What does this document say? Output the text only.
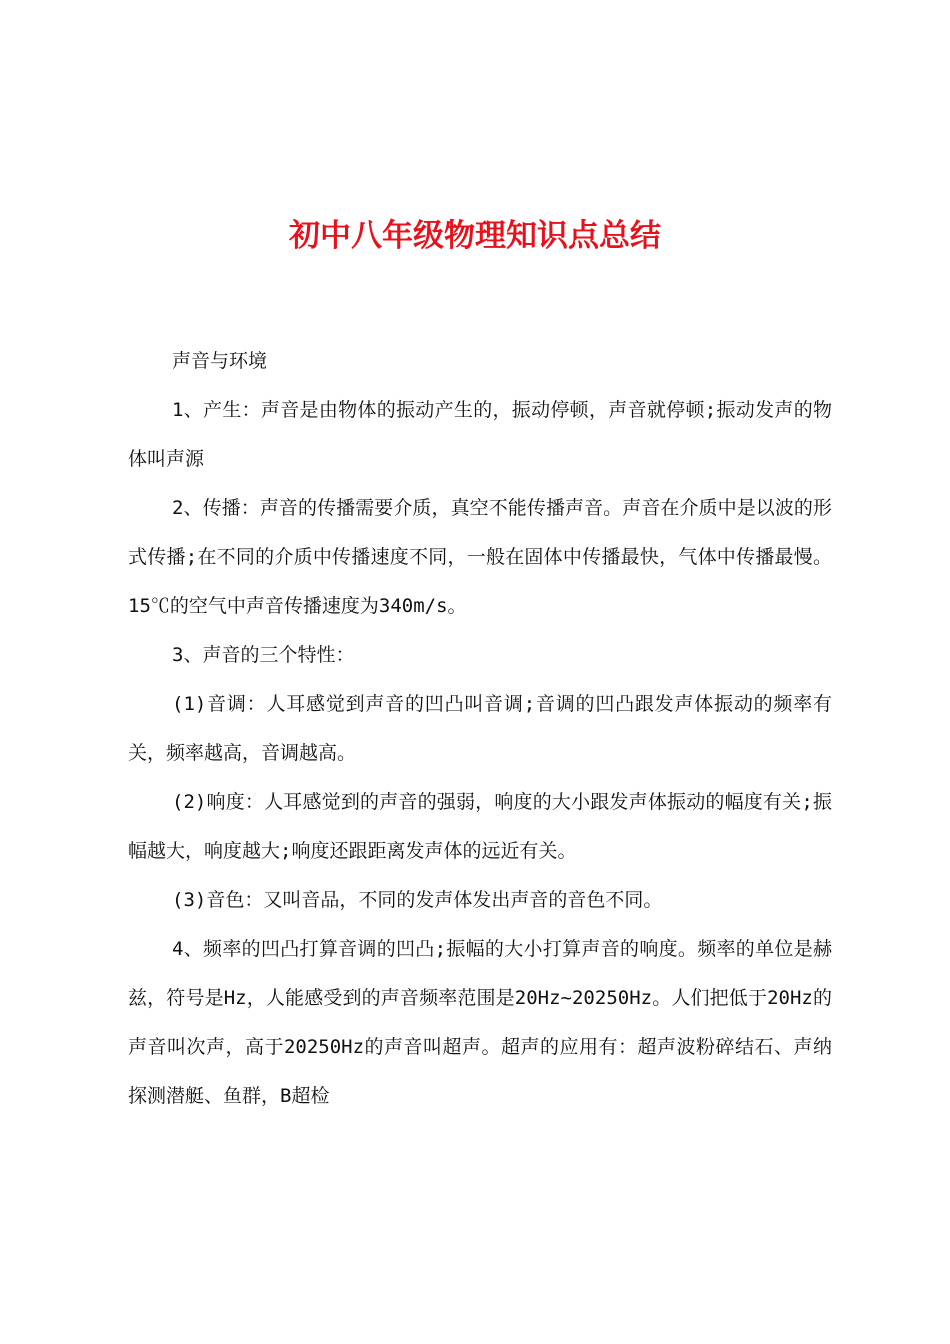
初中八年级物理知识点总结

声音与环境

1、产生：声音是由物体的振动产生的，振动停顿，声音就停顿;振动发声的物体叫声源

2、传播：声音的传播需要介质，真空不能传播声音。声音在介质中是以波的形式传播;在不同的介质中传播速度不同，一般在固体中传播最快，气体中传播最慢。15℃的空气中声音传播速度为340m/s。

3、声音的三个特性：

(1)音调：人耳感觉到声音的凹凸叫音调;音调的凹凸跟发声体振动的频率有关，频率越高，音调越高。

(2)响度：人耳感觉到的声音的强弱，响度的大小跟发声体振动的幅度有关;振幅越大，响度越大;响度还跟距离发声体的远近有关。

(3)音色：又叫音品，不同的发声体发出声音的音色不同。

4、频率的凹凸打算音调的凹凸;振幅的大小打算声音的响度。频率的单位是赫兹，符号是Hz，人能感受到的声音频率范围是20Hz~20250Hz。人们把低于20Hz的声音叫次声，高于20250Hz的声音叫超声。超声的应用有：超声波粉碎结石、声纳探测潜艇、鱼群，B超检
